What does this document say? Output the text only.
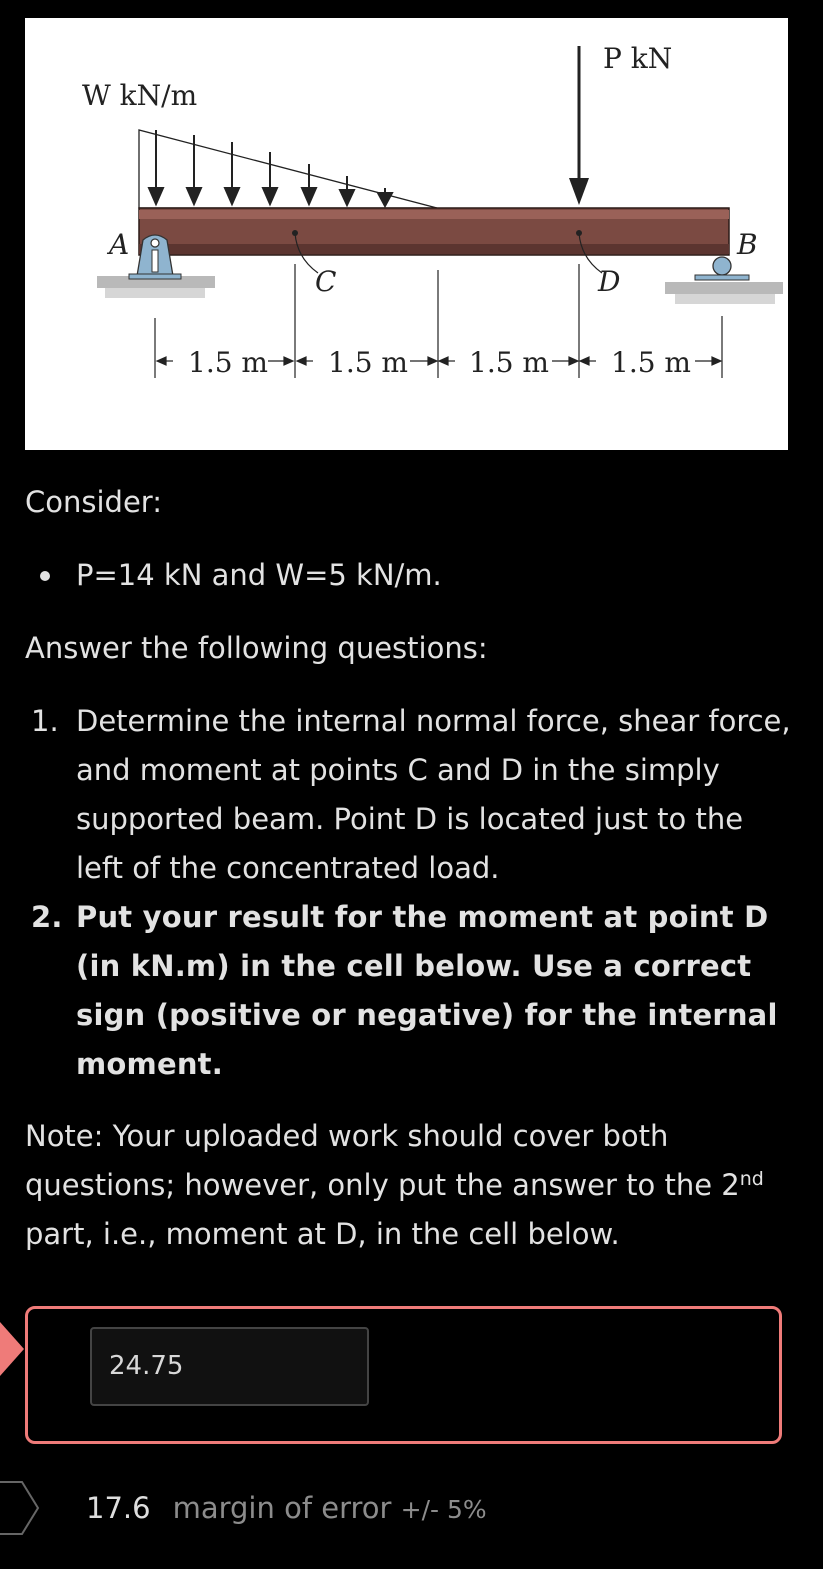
W kN/m
P kN
A	B
C	D
1.5 m 1.5 m 1.5 m 1.5 m
Consider:
P=14 kN and W=5 kN/m.
Answer the following questions:
1. Determine the internal normal force, shear force, and moment at points C and D in the simply supported beam. Point D is located just to the left of the concentrated load.
2. Put your result for the moment at point D (in kN.m) in the cell below. Use a correct sign (positive or negative) for the internal moment.
Note: Your uploaded work should cover both questions; however, only put the answer to the 2nd part, i.e., moment at D, in the cell below.
24.75
17.6 margin of error +/- 5%
